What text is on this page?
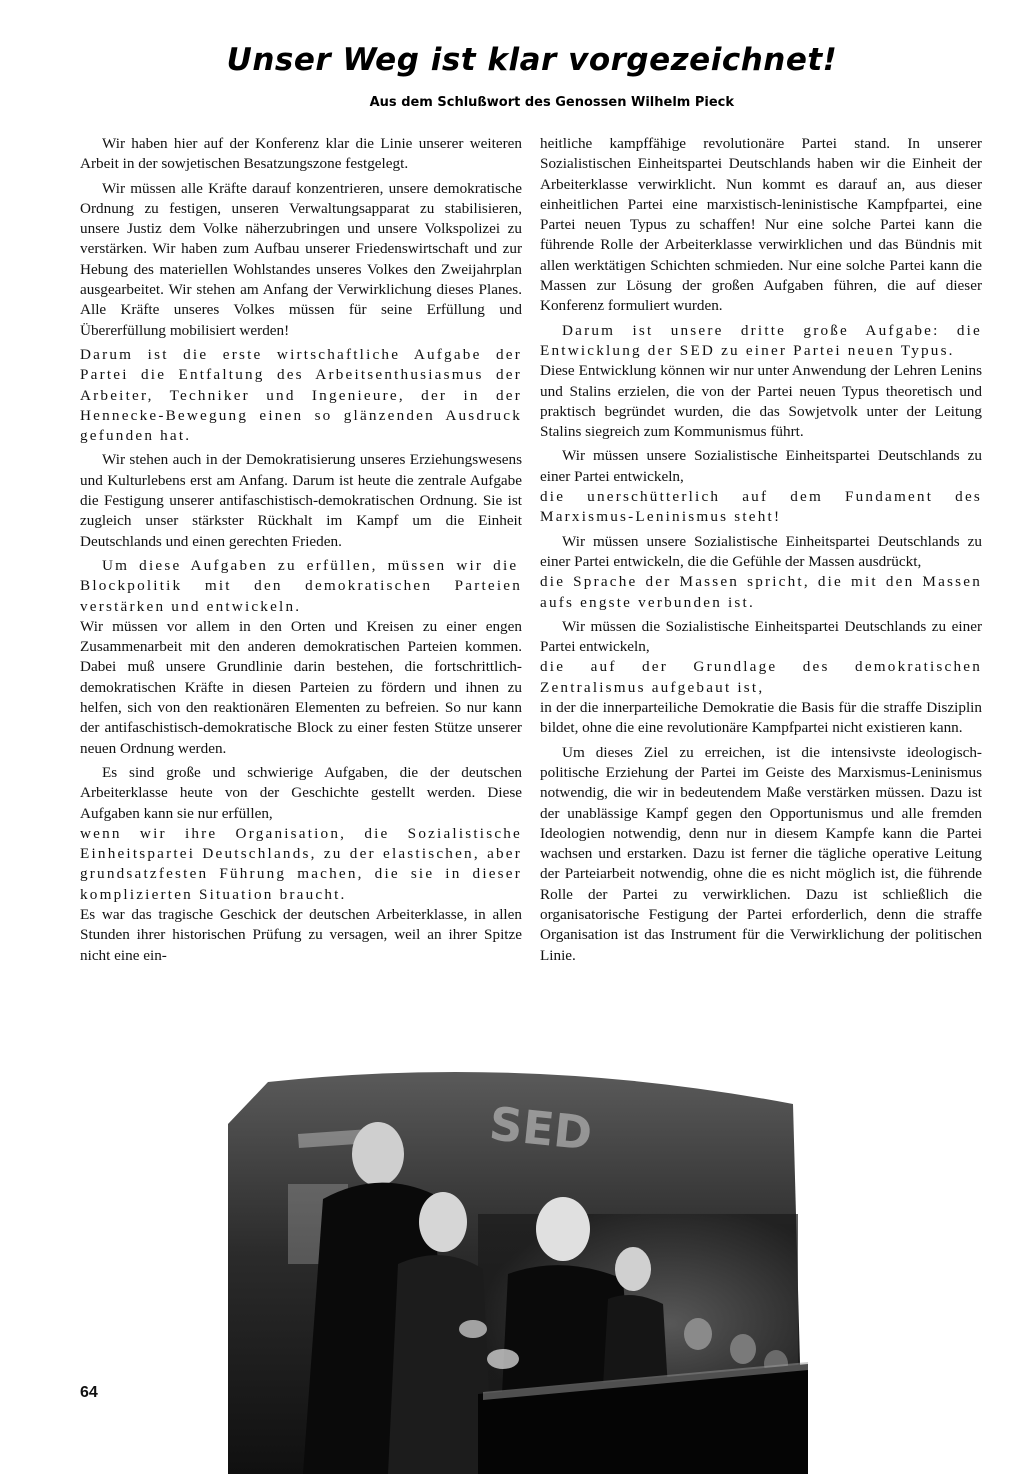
Unser Weg ist klar vorgezeichnet!

Aus dem Schlußwort des Genossen Wilhelm Pieck

Wir haben hier auf der Konferenz klar die Linie unserer weiteren Arbeit in der sowjetischen Besatzungszone festgelegt.

Wir müssen alle Kräfte darauf konzentrieren, unsere demokratische Ordnung zu festigen, unseren Verwaltungsapparat zu stabilisieren, unsere Justiz dem Volke näherzubringen und unsere Volkspolizei zu verstärken. Wir haben zum Aufbau unserer Friedenswirtschaft und zur Hebung des materiellen Wohlstandes unseres Volkes den Zweijahrplan ausgearbeitet. Wir stehen am Anfang der Verwirklichung dieses Planes. Alle Kräfte unseres Volkes müssen für seine Erfüllung und Übererfüllung mobilisiert werden!

Darum ist die erste wirtschaftliche Aufgabe der Partei die Entfaltung des Arbeitsenthusiasmus der Arbeiter, Techniker und Ingenieure, der in der Hennecke-Bewegung einen so glänzenden Ausdruck gefunden hat.

Wir stehen auch in der Demokratisierung unseres Erziehungswesens und Kulturlebens erst am Anfang. Darum ist heute die zentrale Aufgabe die Festigung unserer antifaschistisch-demokratischen Ordnung. Sie ist zugleich unser stärkster Rückhalt im Kampf um die Einheit Deutschlands und einen gerechten Frieden.

Um diese Aufgaben zu erfüllen, müssen wir die

Blockpolitik mit den demokratischen Parteien verstärken und entwickeln.

Wir müssen vor allem in den Orten und Kreisen zu einer engen Zusammenarbeit mit den anderen demokratischen Parteien kommen. Dabei muß unsere Grundlinie darin bestehen, die fortschrittlich-demokratischen Kräfte in diesen Parteien zu fördern und ihnen zu helfen, sich von den reaktionären Elementen zu befreien. So nur kann der antifaschistisch-demokratische Block zu einer festen Stütze unserer neuen Ordnung werden.

Es sind große und schwierige Aufgaben, die der deutschen Arbeiterklasse heute von der Geschichte gestellt werden. Diese Aufgaben kann sie nur erfüllen,

wenn wir ihre Organisation, die Sozialistische Einheitspartei Deutschlands, zu der elastischen, aber grundsatzfesten Führung machen, die sie in dieser komplizierten Situation braucht.

Es war das tragische Geschick der deutschen Arbeiterklasse, in allen Stunden ihrer historischen Prüfung zu versagen, weil an ihrer Spitze nicht eine ein-

heitliche kampffähige revolutionäre Partei stand. In unserer Sozialistischen Einheitspartei Deutschlands haben wir die Einheit der Arbeiterklasse verwirklicht. Nun kommt es darauf an, aus dieser einheitlichen Partei eine marxistisch-leninistische Kampfpartei, eine Partei neuen Typus zu schaffen! Nur eine solche Partei kann die führende Rolle der Arbeiterklasse verwirklichen und das Bündnis mit allen werktätigen Schichten schmieden. Nur eine solche Partei kann die Massen zur Lösung der großen Aufgaben führen, die auf dieser Konferenz formuliert wurden.

Darum ist unsere dritte große Aufgabe: die Entwicklung der SED zu einer Partei neuen Typus.

Diese Entwicklung können wir nur unter Anwendung der Lehren Lenins und Stalins erzielen, die von der Partei neuen Typus theoretisch und praktisch begründet wurden, die das Sowjetvolk unter der Leitung Stalins siegreich zum Kommunismus führt.

Wir müssen unsere Sozialistische Einheitspartei Deutschlands zu einer Partei entwickeln,

die unerschütterlich auf dem Fundament des Marxismus-Leninismus steht!

Wir müssen unsere Sozialistische Einheitspartei Deutschlands zu einer Partei entwickeln, die die Gefühle der Massen ausdrückt,

die Sprache der Massen spricht, die mit den Massen aufs engste verbunden ist.

Wir müssen die Sozialistische Einheitspartei Deutschlands zu einer Partei entwickeln,

die auf der Grundlage des demokratischen Zentralismus aufgebaut ist,

in der die innerparteiliche Demokratie die Basis für die straffe Disziplin bildet, ohne die eine revolutionäre Kampfpartei nicht existieren kann.

Um dieses Ziel zu erreichen, ist die intensivste ideologisch-politische Erziehung der Partei im Geiste des Marxismus-Leninismus notwendig, die wir in bedeutendem Maße verstärken müssen. Dazu ist der unablässige Kampf gegen den Opportunismus und alle fremden Ideologien notwendig, denn nur in diesem Kampfe kann die Partei wachsen und erstarken. Dazu ist ferner die tägliche operative Leitung der Parteiarbeit notwendig, ohne die es nicht möglich ist, die führende Rolle der Partei zu verwirklichen. Dazu ist schließlich die organisatorische Festigung der Partei erforderlich, denn die straffe Organisation ist das Instrument für die Verwirklichung der politischen Linie.

SED

64
